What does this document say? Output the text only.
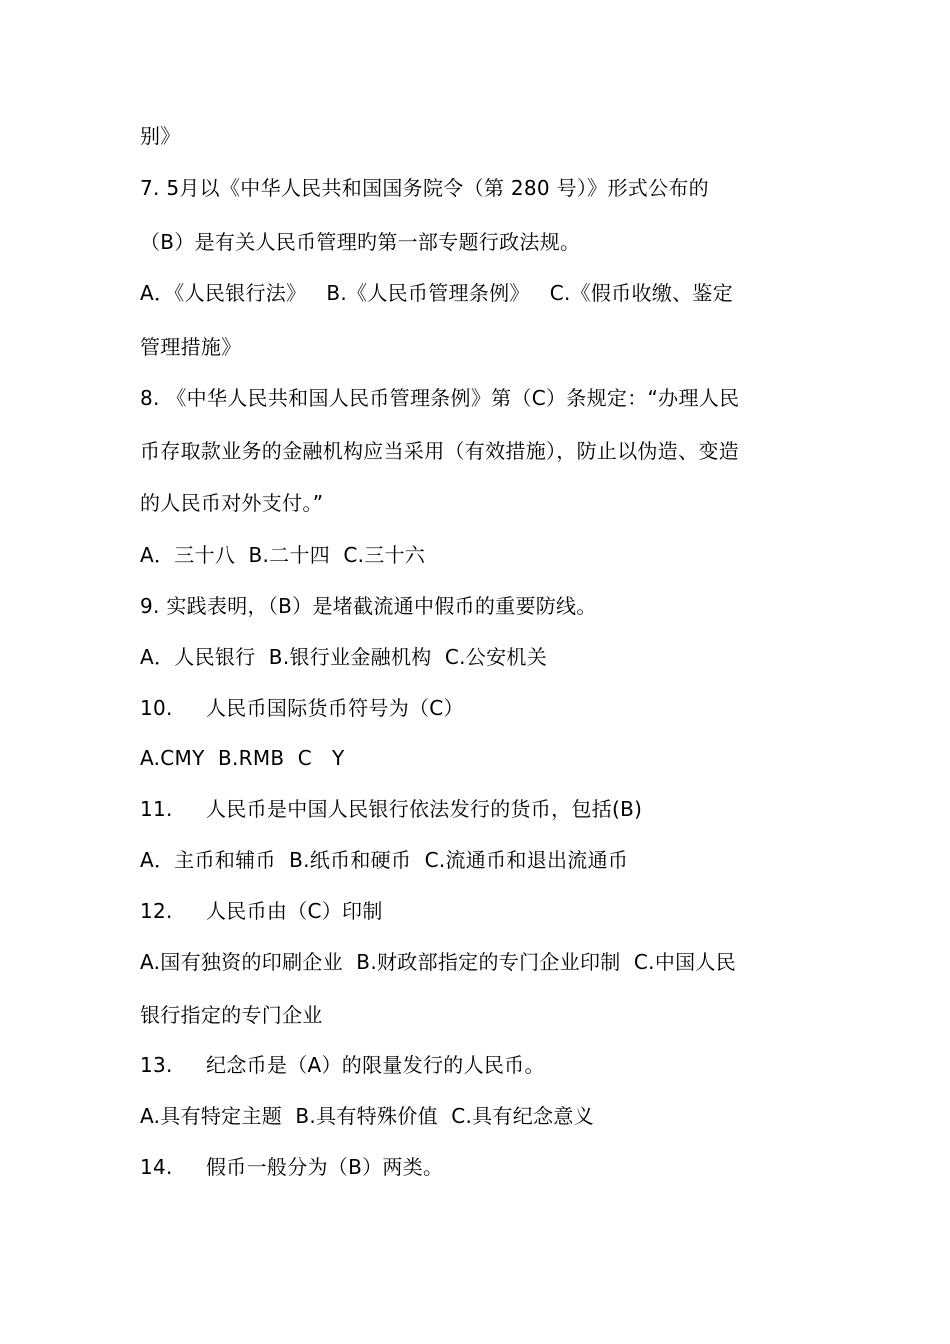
别》
7. 5月以《中华人民共和国国务院令（第 280 号）》形式公布的
（B）是有关人民币管理旳第一部专题行政法规。
A．《人民银行法》   B.《人民币管理条例》   C.《假币收缴、鉴定
管理措施》
8. 《中华人民共和国人民币管理条例》第（C）条规定：“办理人民
币存取款业务的金融机构应当采用（有效措施），防止以伪造、变造
的人民币对外支付。”
A．三十八  B.二十四  C.三十六
9. 实践表明，（B）是堵截流通中假币的重要防线。
A．人民银行  B.银行业金融机构  C.公安机关
10.     人民币国际货币符号为（C）
A.CMY  B.RMB  C   Y
11.     人民币是中国人民银行依法发行的货币，包括(B)
A．主币和辅币  B.纸币和硬币  C.流通币和退出流通币
12.     人民币由（C）印制
A.国有独资的印刷企业  B.财政部指定的专门企业印制  C.中国人民
银行指定的专门企业
13.     纪念币是（A）的限量发行的人民币。
A.具有特定主题  B.具有特殊价值  C.具有纪念意义
14.     假币一般分为（B）两类。
